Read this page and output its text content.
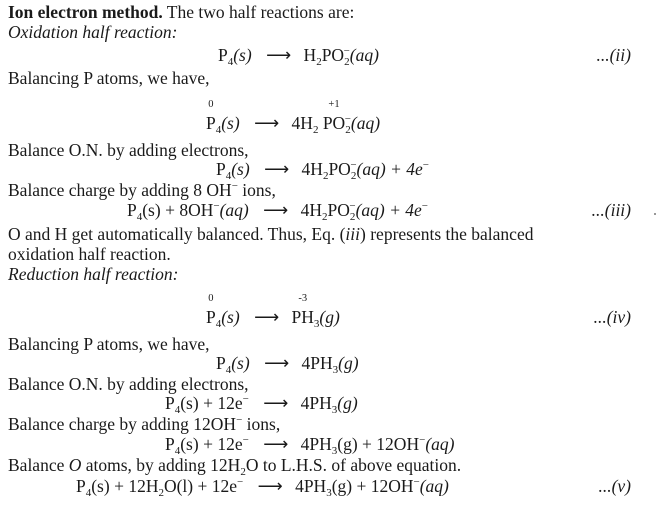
Ion electron method. The two half reactions are:
Oxidation half reaction:
$P_4(s)$ ⟶ $H_2PO_2^-(aq)$	...(ii)
Balancing P atoms, we have,
0
$P_4(s)$ ⟶ $4H_2$
+1
$PO_2^-(aq)$
Balance O.N. by adding electrons,
$P_4(s)$ ⟶ $4H_2PO_2^-(aq) + 4e^-$
Balance charge by adding 8 OH− ions,
$P_4(s) + 8OH^-(aq)$ ⟶ $4H_2PO_2^-(aq) + 4e^-$	...(iii)
O and H get automatically balanced. Thus, Eq. (iii) represents the balanced
oxidation half reaction.
Reduction half reaction:
0
$P_4(s)$ ⟶
-3
$PH_3(g)$	...(iv)
Balancing P atoms, we have,
$P_4(s)$ ⟶ $4PH_3(g)$
Balance O.N. by adding electrons,
$P_4(s) + 12e^-$ ⟶ $4PH_3(g)$
Balance charge by adding 12OH− ions,
$P_4(s) + 12e^-$ ⟶ $4PH_3(g) + 12OH^-(aq)$
Balance O atoms, by adding $12H_2O$ to L.H.S. of above equation.
$P_4(s) + 12H_2O(l) + 12e^-$ ⟶ $4PH_3(g) + 12OH^-(aq)$	...(v)
